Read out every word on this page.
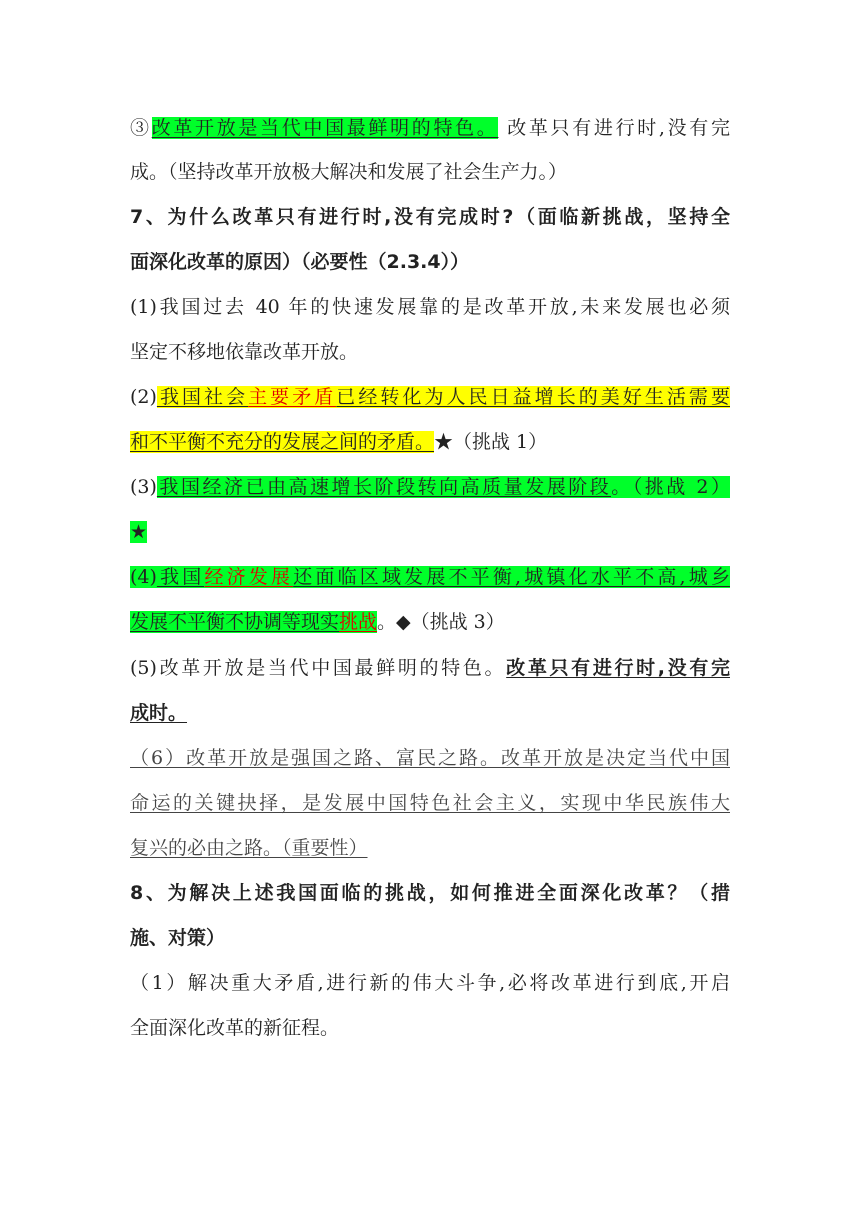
③改革开放是当代中国最鲜明的特色。 改革只有进行时,没有完
成。（坚持改革开放极大解决和发展了社会生产力。）
7、为什么改革只有进行时,没有完成时?（面临新挑战，坚持全
面深化改革的原因）（必要性（2.3.4））
(1)我国过去 40 年的快速发展靠的是改革开放,未来发展也必须
坚定不移地依靠改革开放。
(2)我国社会主要矛盾已经转化为人民日益增长的美好生活需要
和不平衡不充分的发展之间的矛盾。★（挑战 1）
(3)我国经济已由高速增长阶段转向高质量发展阶段。（挑战 2）
★
(4)我国经济发展还面临区域发展不平衡,城镇化水平不高,城乡
发展不平衡不协调等现实挑战。◆（挑战 3）
(5)改革开放是当代中国最鲜明的特色。改革只有进行时,没有完
成时。
（6）改革开放是强国之路、富民之路。改革开放是决定当代中国
命运的关键抉择，是发展中国特色社会主义，实现中华民族伟大
复兴的必由之路。（重要性）
8、为解决上述我国面临的挑战，如何推进全面深化改革？（措
施、对策）
（1）解决重大矛盾,进行新的伟大斗争,必将改革进行到底,开启
全面深化改革的新征程。
